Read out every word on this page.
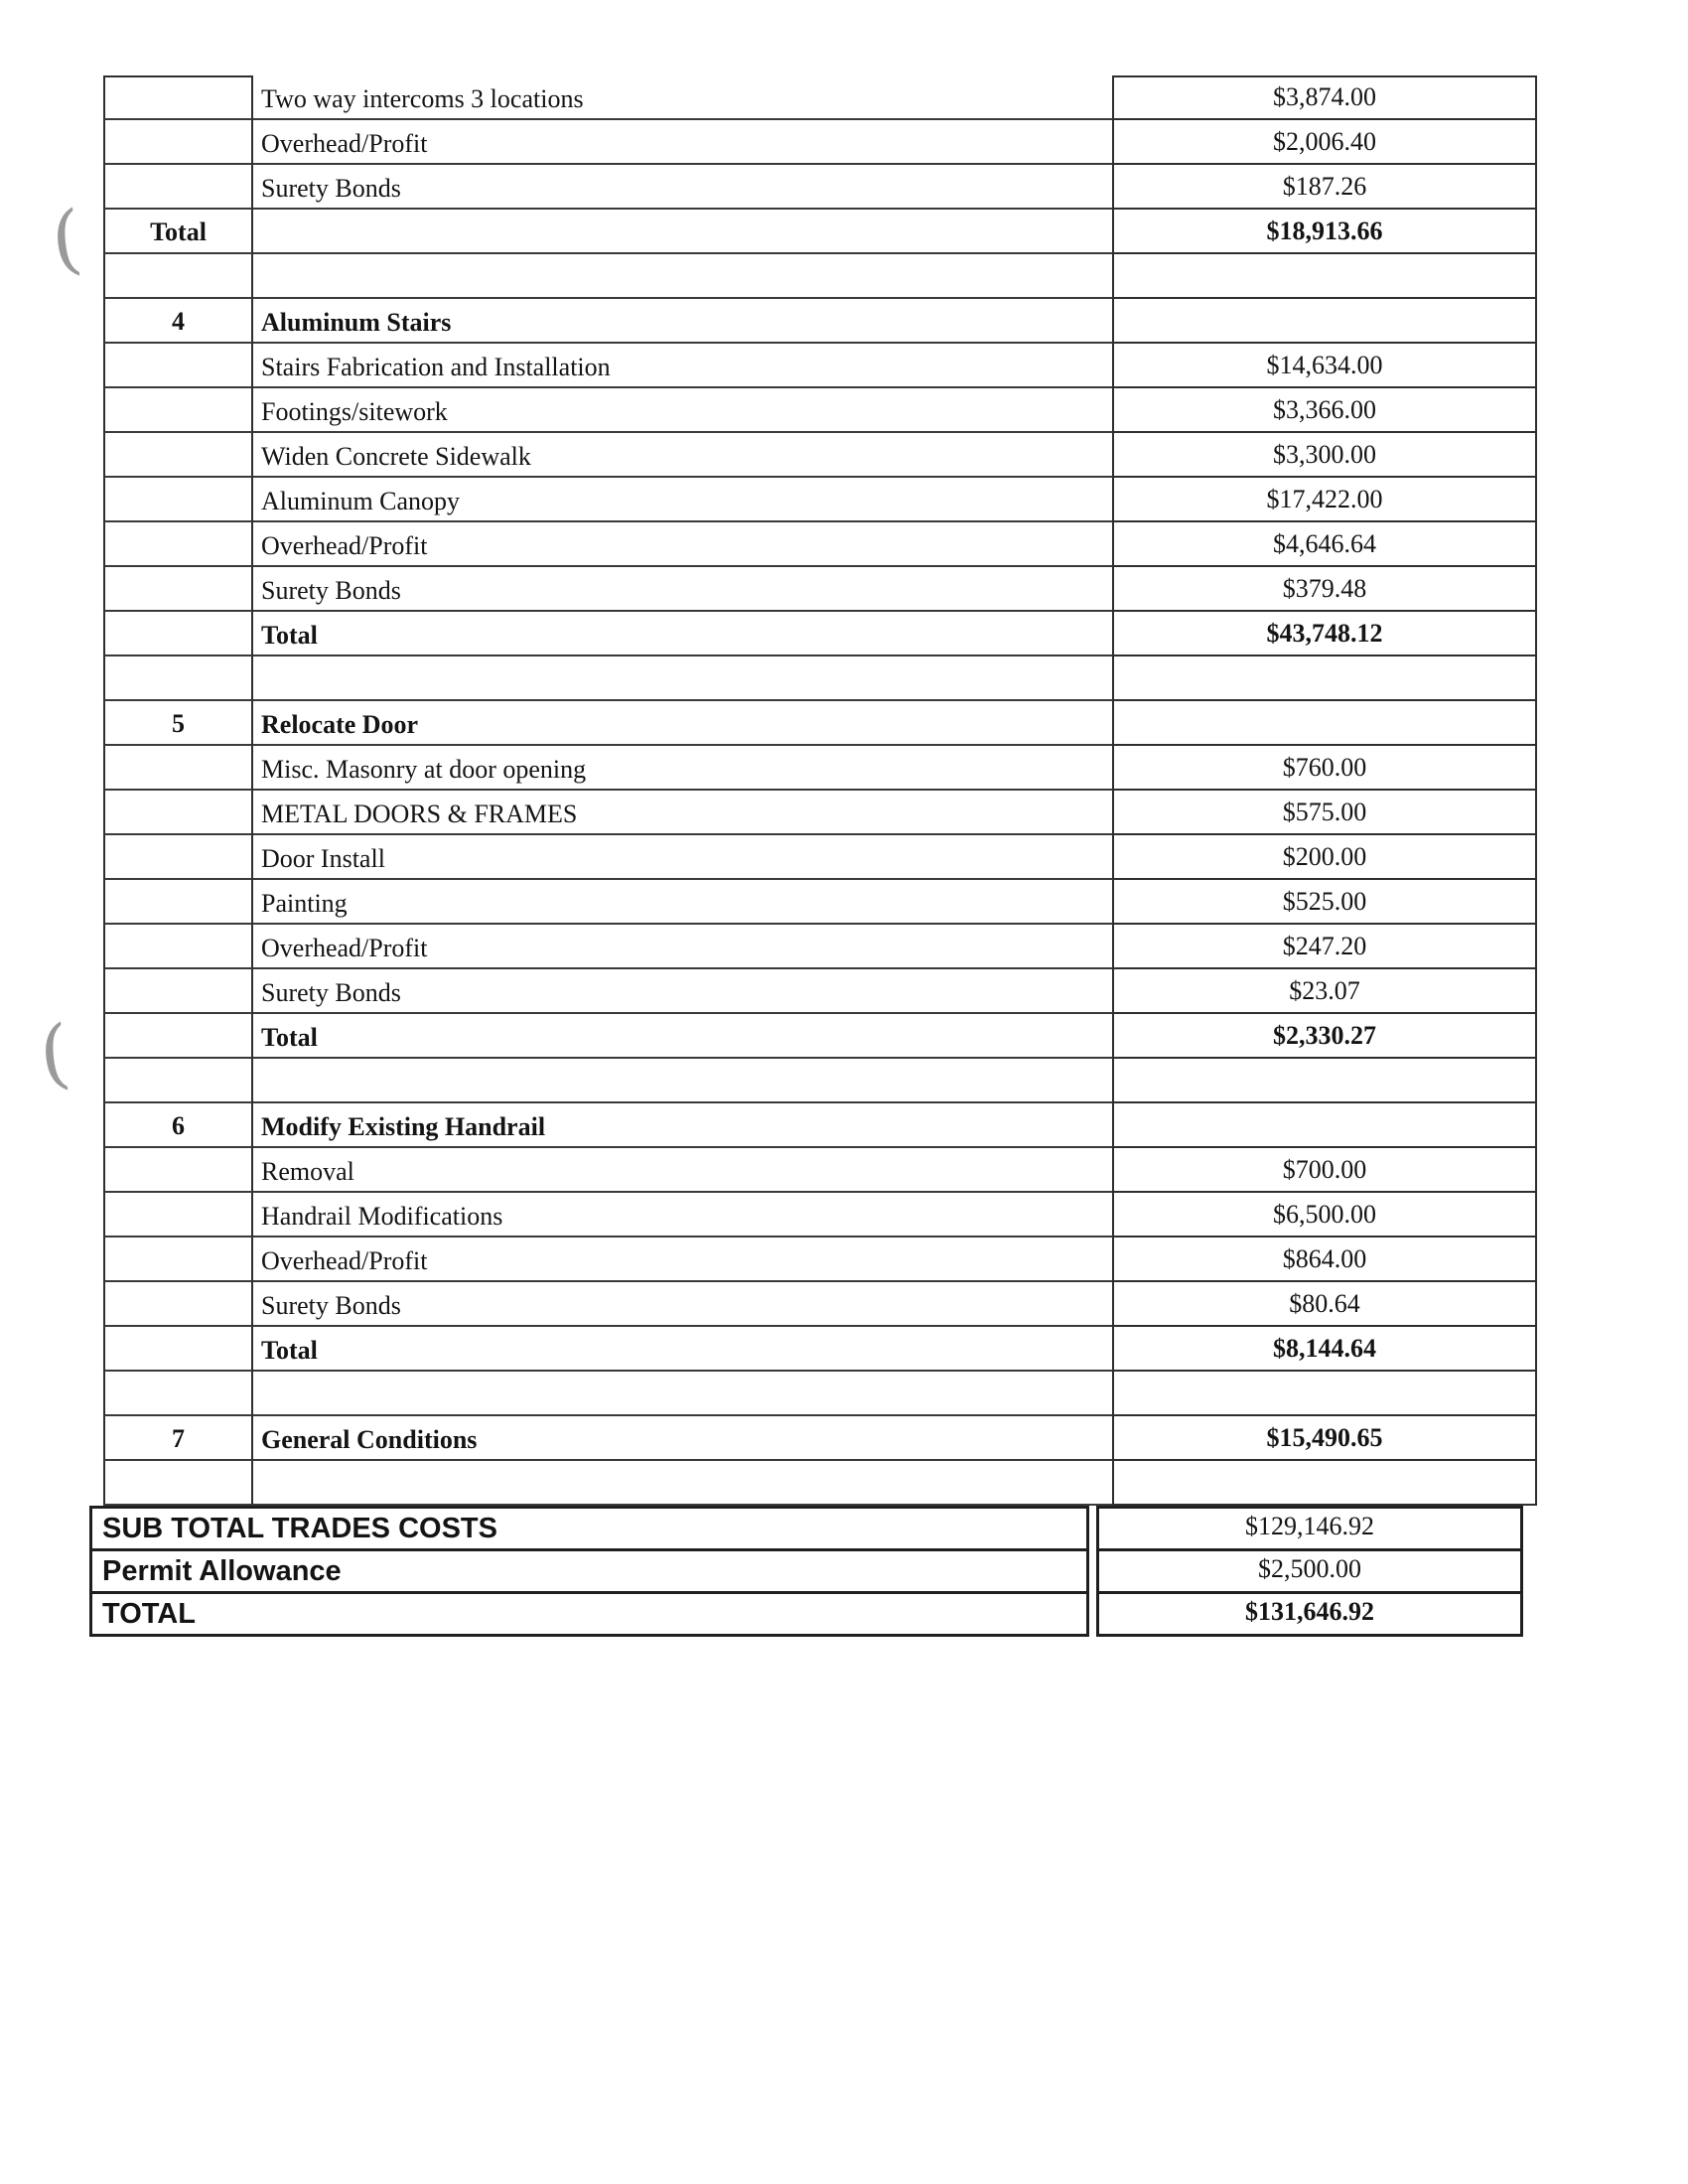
Two way intercoms 3 locations	$3,874.00
Overhead/Profit	$2,006.40
Surety Bonds	$187.26
Total	$18,913.66
4	Aluminum Stairs
Stairs Fabrication and Installation	$14,634.00
Footings/sitework	$3,366.00
Widen Concrete Sidewalk	$3,300.00
Aluminum Canopy	$17,422.00
Overhead/Profit	$4,646.64
Surety Bonds	$379.48
Total	$43,748.12
5	Relocate Door
Misc. Masonry at door opening	$760.00
METAL DOORS & FRAMES	$575.00
Door Install	$200.00
Painting	$525.00
Overhead/Profit	$247.20
Surety Bonds	$23.07
Total	$2,330.27
6	Modify Existing Handrail
Removal	$700.00
Handrail Modifications	$6,500.00
Overhead/Profit	$864.00
Surety Bonds	$80.64
Total	$8,144.64
7	General Conditions	$15,490.65
SUB TOTAL TRADES COSTS	$129,146.92
Permit Allowance	$2,500.00
TOTAL	$131,646.92
(
(
